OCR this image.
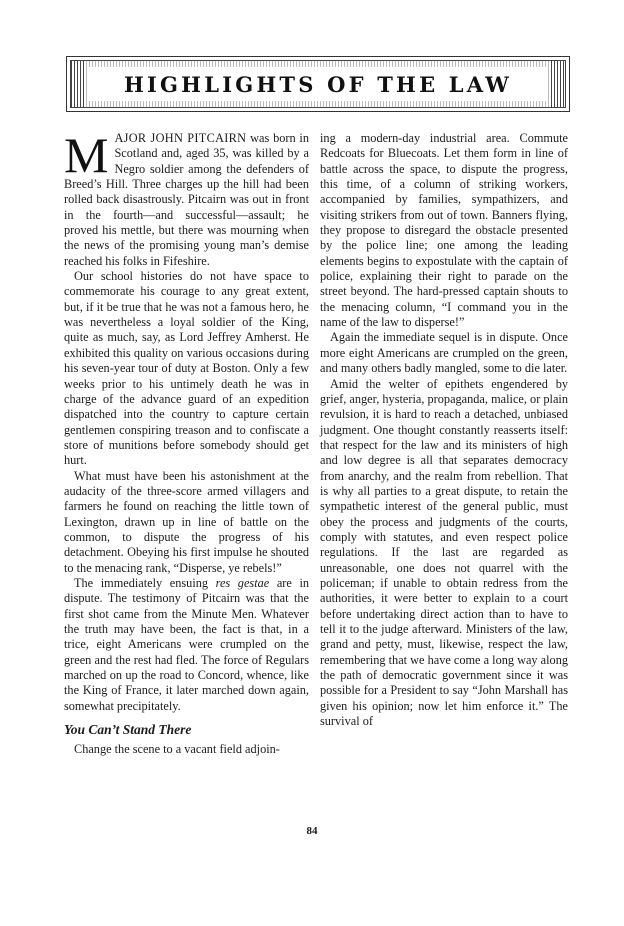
HIGHLIGHTS OF THE LAW

MAJOR JOHN PITCAIRN was born in Scotland and, aged 35, was killed by a Negro soldier among the defenders of Breed’s Hill. Three charges up the hill had been rolled back disastrously. Pitcairn was out in front in the fourth—and successful—assault; he proved his mettle, but there was mourning when the news of the promising young man’s demise reached his folks in Fifeshire.

Our school histories do not have space to commemorate his courage to any great extent, but, if it be true that he was not a famous hero, he was nevertheless a loyal soldier of the King, quite as much, say, as Lord Jeffrey Amherst. He exhibited this quality on various occasions during his seven-year tour of duty at Boston. Only a few weeks prior to his untimely death he was in charge of the advance guard of an expedition dispatched into the country to capture certain gentlemen conspiring treason and to confiscate a store of munitions before somebody should get hurt.

What must have been his astonishment at the audacity of the three-score armed villagers and farmers he found on reaching the little town of Lexington, drawn up in line of battle on the common, to dispute the progress of his detachment. Obeying his first impulse he shouted to the menacing rank, “Disperse, ye rebels!”

The immediately ensuing res gestae are in dispute. The testimony of Pitcairn was that the first shot came from the Minute Men. Whatever the truth may have been, the fact is that, in a trice, eight Americans were crumpled on the green and the rest had fled. The force of Regulars marched on up the road to Concord, whence, like the King of France, it later marched down again, somewhat precipitately.

You Can’t Stand There

Change the scene to a vacant field adjoin-

ing a modern-day industrial area. Commute Redcoats for Bluecoats. Let them form in line of battle across the space, to dispute the progress, this time, of a column of striking workers, accompanied by families, sympathizers, and visiting strikers from out of town. Banners flying, they propose to disregard the obstacle presented by the police line; one among the leading elements begins to expostulate with the captain of police, explaining their right to parade on the street beyond. The hard-pressed captain shouts to the menacing column, “I command you in the name of the law to disperse!”

Again the immediate sequel is in dispute. Once more eight Americans are crumpled on the green, and many others badly mangled, some to die later.

Amid the welter of epithets engendered by grief, anger, hysteria, propaganda, malice, or plain revulsion, it is hard to reach a detached, unbiased judgment. One thought constantly reasserts itself: that respect for the law and its ministers of high and low degree is all that separates democracy from anarchy, and the realm from rebellion. That is why all parties to a great dispute, to retain the sympathetic interest of the general public, must obey the process and judgments of the courts, comply with statutes, and even respect police regulations. If the last are regarded as unreasonable, one does not quarrel with the policeman; if unable to obtain redress from the authorities, it were better to explain to a court before undertaking direct action than to have to tell it to the judge afterward. Ministers of the law, grand and petty, must, likewise, respect the law, remembering that we have come a long way along the path of democratic government since it was possible for a President to say “John Marshall has given his opinion; now let him enforce it.” The survival of

84
